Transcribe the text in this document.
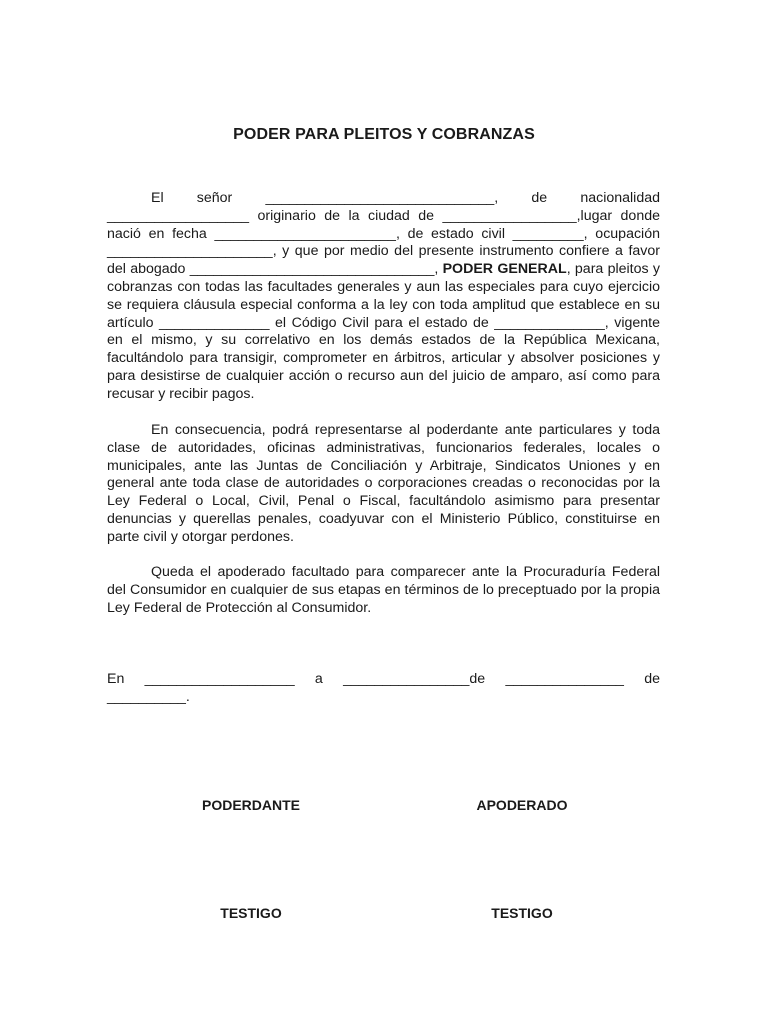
PODER PARA PLEITOS Y COBRANZAS

El señor _____________________________, de nacionalidad __________________ originario de la ciudad de _________________,lugar donde nació en fecha _______________________, de estado civil _________, ocupación _____________________, y que por medio del presente instrumento confiere a favor del abogado _______________________________, PODER GENERAL, para pleitos y cobranzas con todas las facultades generales y aun las especiales para cuyo ejercicio se requiera cláusula especial conforma a la ley con toda amplitud que establece en su artículo ______________ el Código Civil para el estado de ______________, vigente en el mismo, y su correlativo en los demás estados de la República Mexicana, facultándolo para transigir, comprometer en árbitros, articular y absolver posiciones y para desistirse de cualquier acción o recurso aun del juicio de amparo, así como para recusar y recibir pagos.

En consecuencia, podrá representarse al poderdante ante particulares y toda clase de autoridades, oficinas administrativas, funcionarios federales, locales o municipales, ante las Juntas de Conciliación y Arbitraje, Sindicatos Uniones y en general ante toda clase de autoridades o corporaciones creadas o reconocidas por la Ley Federal o Local, Civil, Penal o Fiscal, facultándolo asimismo para presentar denuncias y querellas penales, coadyuvar con el Ministerio Público, constituirse en parte civil y otorgar perdones.

Queda el apoderado facultado para comparecer ante la Procuraduría Federal del Consumidor en cualquier de sus etapas en términos de lo preceptuado por la propia Ley Federal de Protección al Consumidor.

En ___________________ a ________________de _______________ de __________.

_______________________
PODERDANTE
_______________________
APODERADO
_______________________
TESTIGO
_______________________
TESTIGO
